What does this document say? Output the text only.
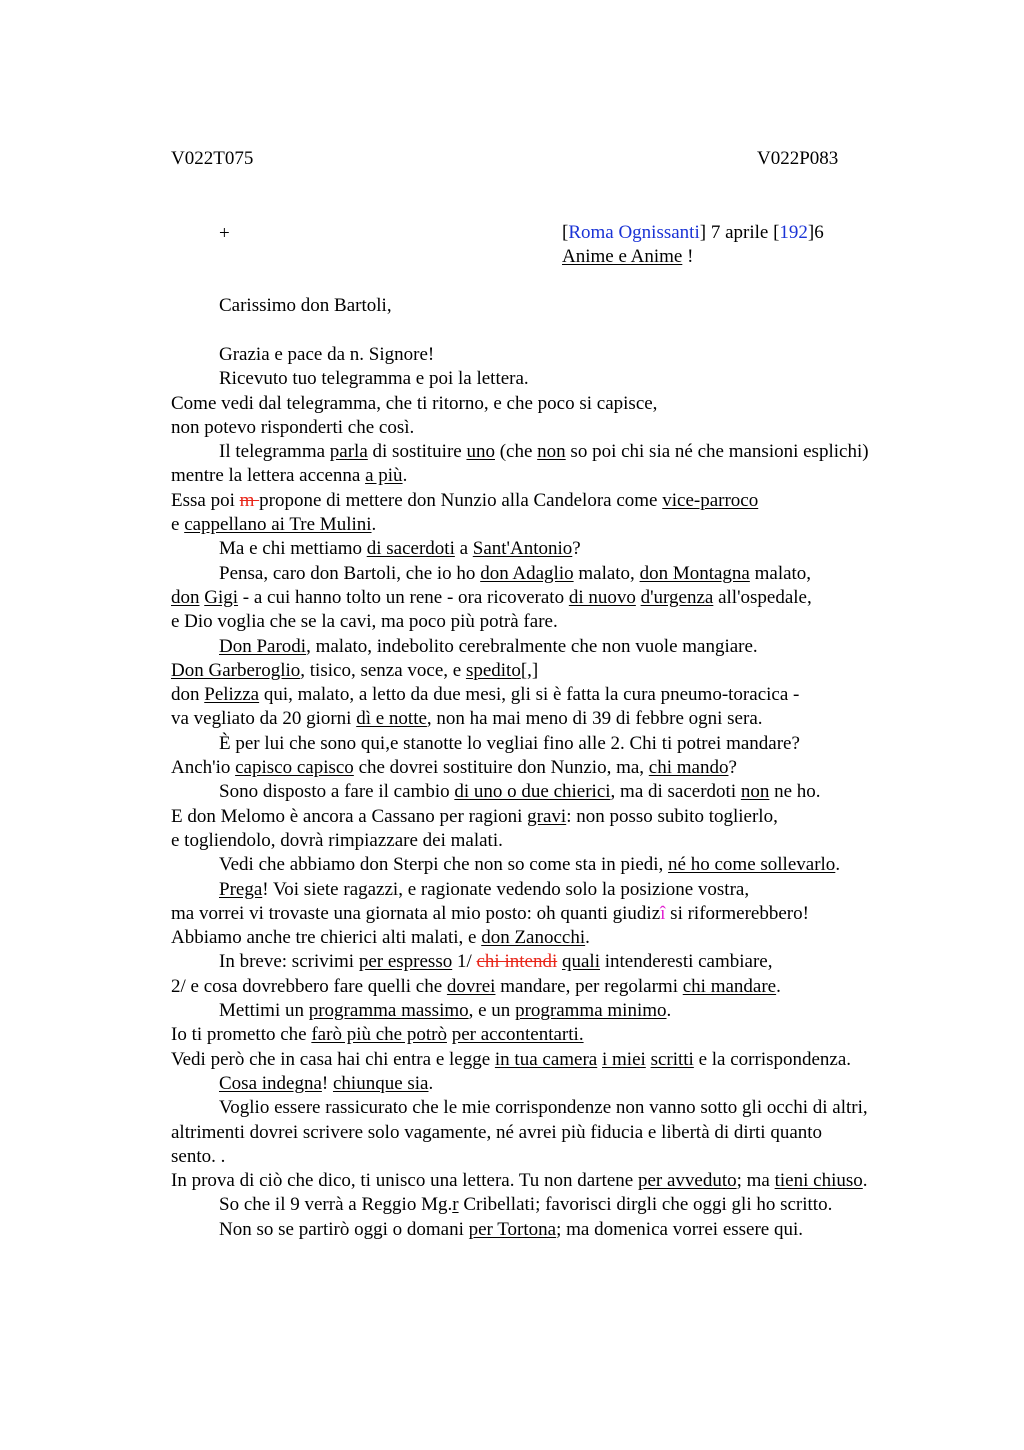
V022T075	V022P083
+	[Roma Ognissanti] 7 aprile [192]6
Anime e Anime !
Carissimo don Bartoli,
Grazia e pace da n. Signore!
Ricevuto tuo telegramma e poi la lettera.
Come vedi dal telegramma, che ti ritorno, e che poco si capisce,
non potevo risponderti che così.
Il telegramma parla di sostituire uno (che non so poi chi sia né che mansioni esplichi)
mentre la lettera accenna a più.
Essa poi m propone di mettere don Nunzio alla Candelora come vice-parroco
e cappellano ai Tre Mulini.
Ma e chi mettiamo di sacerdoti a Sant'Antonio?
Pensa, caro don Bartoli, che io ho don Adaglio malato, don Montagna malato,
don Gigi - a cui hanno tolto un rene - ora ricoverato di nuovo d'urgenza all'ospedale,
e Dio voglia che se la cavi, ma poco più potrà fare.
Don Parodi, malato, indebolito cerebralmente che non vuole mangiare.
Don Garberoglio, tisico, senza voce, e spedito[,]
don Pelizza qui, malato, a letto da due mesi, gli si è fatta la cura pneumo-toracica -
va vegliato da 20 giorni dì e notte, non ha mai meno di 39 di febbre ogni sera.
È per lui che sono qui,e stanotte lo vegliai fino alle 2. Chi ti potrei mandare?
Anch'io capisco capisco che dovrei sostituire don Nunzio, ma, chi mando?
Sono disposto a fare il cambio di uno o due chierici, ma di sacerdoti non ne ho.
E don Melomo è ancora a Cassano per ragioni gravi: non posso subito toglierlo,
e togliendolo, dovrà rimpiazzare dei malati.
Vedi che abbiamo don Sterpi che non so come sta in piedi, né ho come sollevarlo.
Prega! Voi siete ragazzi, e ragionate vedendo solo la posizione vostra,
ma vorrei vi trovaste una giornata al mio posto: oh quanti giudizî si riformerebbero!
Abbiamo anche tre chierici alti malati, e don Zanocchi.
In breve: scrivimi per espresso 1/ chi intendi quali intenderesti cambiare,
2/ e cosa dovrebbero fare quelli che dovrei mandare, per regolarmi chi mandare.
Mettimi un programma massimo, e un programma minimo.
Io ti prometto che farò più che potrò per accontentarti.
Vedi però che in casa hai chi entra e legge in tua camera i miei scritti e la corrispondenza.
Cosa indegna! chiunque sia.
Voglio essere rassicurato che le mie corrispondenze non vanno sotto gli occhi di altri,
altrimenti dovrei scrivere solo vagamente, né avrei più fiducia e libertà di dirti quanto
sento. .
In prova di ciò che dico, ti unisco una lettera. Tu non dartene per avveduto; ma tieni chiuso.
So che il 9 verrà a Reggio Mg.r Cribellati; favorisci dirgli che oggi gli ho scritto.
Non so se partirò oggi o domani per Tortona; ma domenica vorrei essere qui.
